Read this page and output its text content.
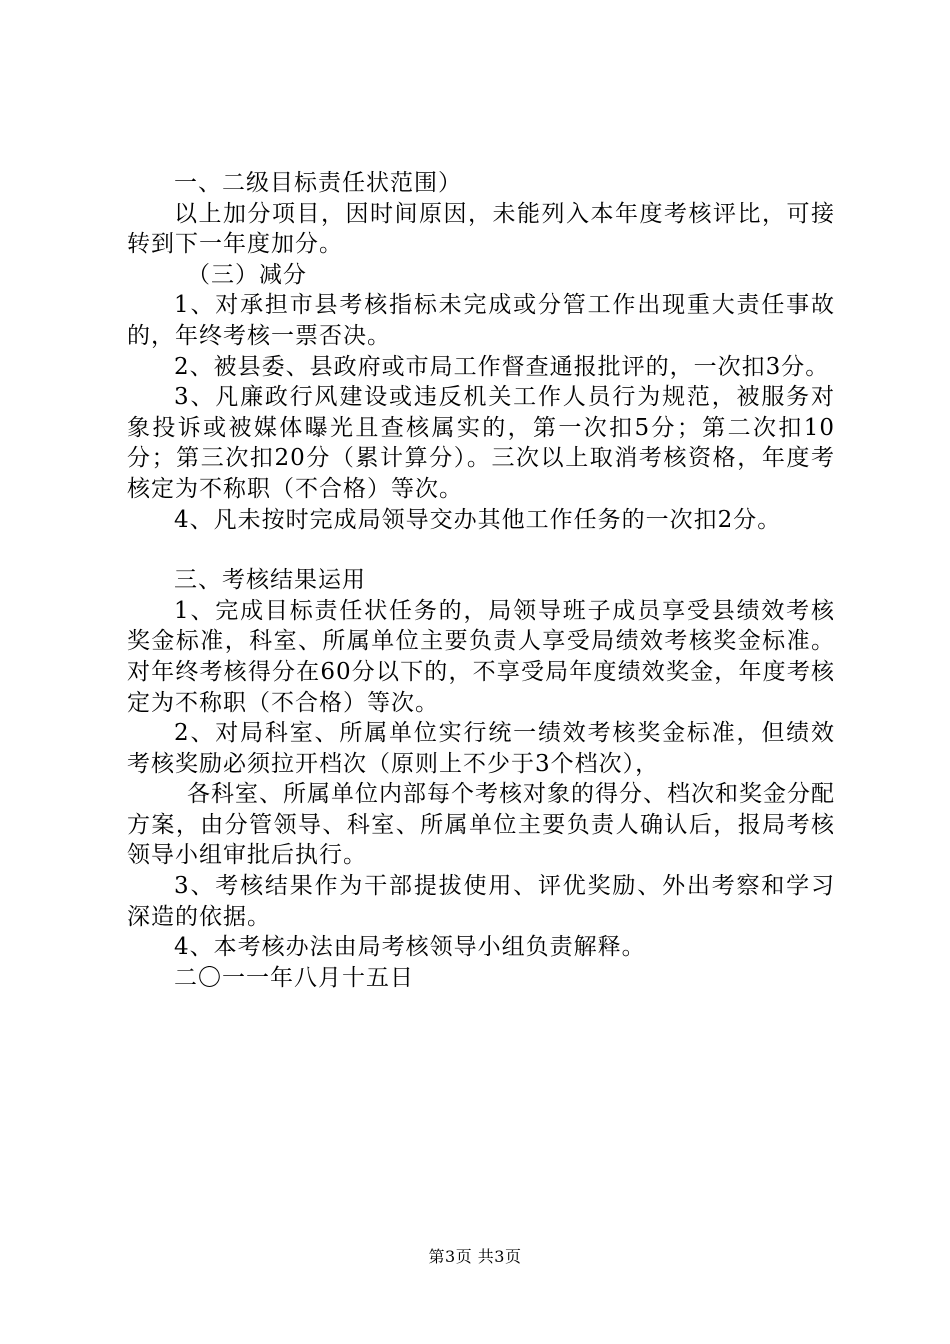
一、二级目标责任状范围）

以上加分项目，因时间原因，未能列入本年度考核评比，可接转到下一年度加分。

（三）减分

1、对承担市县考核指标未完成或分管工作出现重大责任事故的，年终考核一票否决。

2、被县委、县政府或市局工作督查通报批评的，一次扣3分。

3、凡廉政行风建设或违反机关工作人员行为规范，被服务对象投诉或被媒体曝光且查核属实的，第一次扣5分；第二次扣10分；第三次扣20分（累计算分）。三次以上取消考核资格，年度考核定为不称职（不合格）等次。

4、凡未按时完成局领导交办其他工作任务的一次扣2分。

三、考核结果运用

1、完成目标责任状任务的，局领导班子成员享受县绩效考核奖金标准，科室、所属单位主要负责人享受局绩效考核奖金标准。对年终考核得分在60分以下的，不享受局年度绩效奖金，年度考核定为不称职（不合格）等次。

2、对局科室、所属单位实行统一绩效考核奖金标准，但绩效考核奖励必须拉开档次（原则上不少于3个档次），

各科室、所属单位内部每个考核对象的得分、档次和奖金分配方案，由分管领导、科室、所属单位主要负责人确认后，报局考核领导小组审批后执行。

3、考核结果作为干部提拔使用、评优奖励、外出考察和学习深造的依据。

4、本考核办法由局考核领导小组负责解释。

二〇一一年八月十五日

第3页 共3页
